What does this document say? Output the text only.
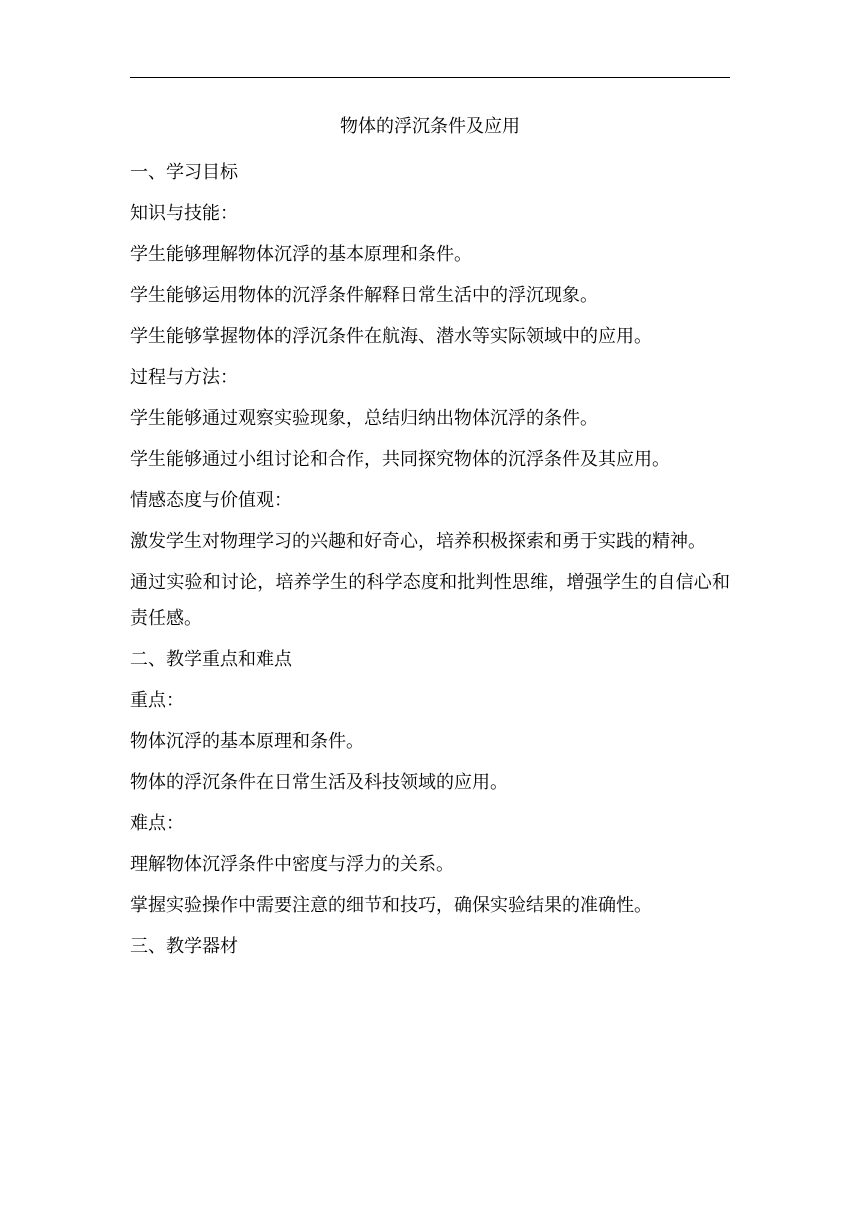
物体的浮沉条件及应用

一、学习目标

知识与技能：

学生能够理解物体沉浮的基本原理和条件。

学生能够运用物体的沉浮条件解释日常生活中的浮沉现象。

学生能够掌握物体的浮沉条件在航海、潜水等实际领域中的应用。

过程与方法：

学生能够通过观察实验现象，总结归纳出物体沉浮的条件。

学生能够通过小组讨论和合作，共同探究物体的沉浮条件及其应用。

情感态度与价值观：

激发学生对物理学习的兴趣和好奇心，培养积极探索和勇于实践的精神。

通过实验和讨论，培养学生的科学态度和批判性思维，增强学生的自信心和责任感。

二、教学重点和难点

重点：

物体沉浮的基本原理和条件。

物体的浮沉条件在日常生活及科技领域的应用。

难点：

理解物体沉浮条件中密度与浮力的关系。

掌握实验操作中需要注意的细节和技巧，确保实验结果的准确性。

三、教学器材
